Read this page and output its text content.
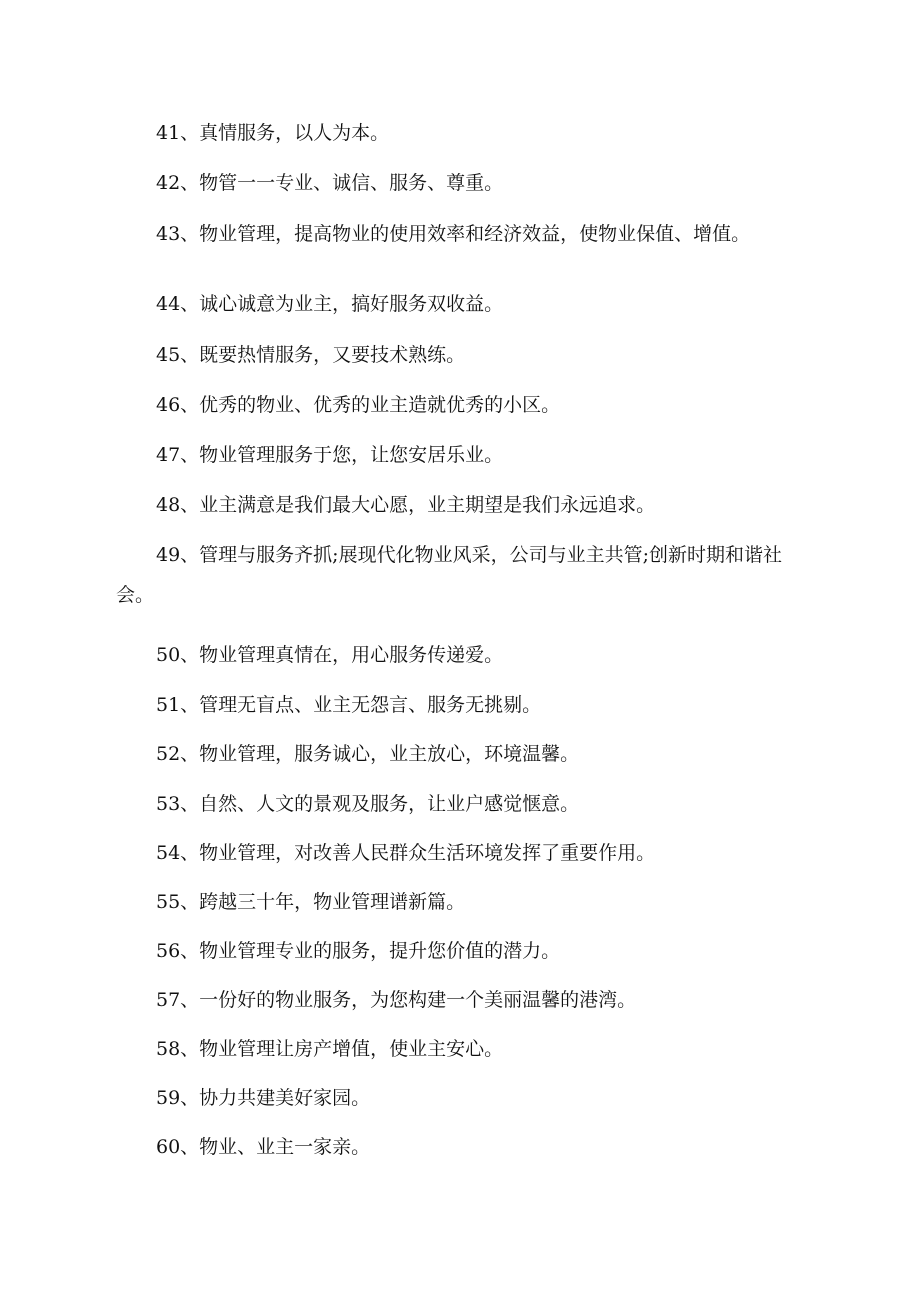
41、真情服务，以人为本。

42、物管一一专业、诚信、服务、尊重。

43、物业管理，提高物业的使用效率和经济效益，使物业保值、增值。

44、诚心诚意为业主，搞好服务双收益。

45、既要热情服务，又要技术熟练。

46、优秀的物业、优秀的业主造就优秀的小区。

47、物业管理服务于您，让您安居乐业。

48、业主满意是我们最大心愿，业主期望是我们永远追求。

49、管理与服务齐抓;展现代化物业风采，公司与业主共管;创新时期和谐社会。

50、物业管理真情在，用心服务传递爱。

51、管理无盲点、业主无怨言、服务无挑剔。

52、物业管理，服务诚心，业主放心，环境温馨。

53、自然、人文的景观及服务，让业户感觉惬意。

54、物业管理，对改善人民群众生活环境发挥了重要作用。

55、跨越三十年，物业管理谱新篇。

56、物业管理专业的服务，提升您价值的潜力。

57、一份好的物业服务，为您构建一个美丽温馨的港湾。

58、物业管理让房产增值，使业主安心。

59、协力共建美好家园。

60、物业、业主一家亲。
